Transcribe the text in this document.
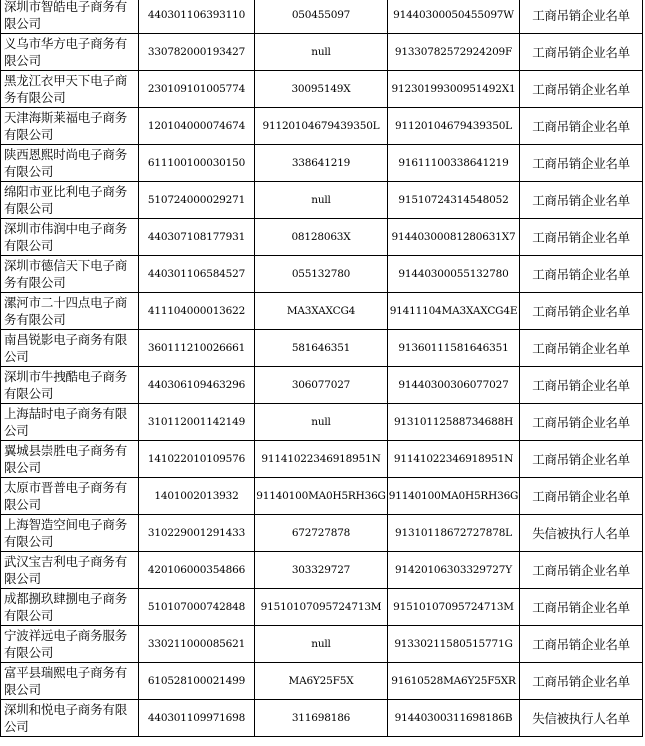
深圳市智皓电子商务有限公司	440301106393110	050455097	91440300050455097W	工商吊销企业名单
义乌市华方电子商务有限公司	330782000193427	null	91330782572924209F	工商吊销企业名单
黑龙江衣甲天下电子商务有限公司	230109101005774	30095149X	91230199300951492X1	工商吊销企业名单
天津海斯莱福电子商务有限公司	120104000074674	91120104679439350L	91120104679439350L	工商吊销企业名单
陕西恩熙时尚电子商务有限公司	611100100030150	338641219	91611100338641219	工商吊销企业名单
绵阳市亚比利电子商务有限公司	510724000029271	null	91510724314548052	工商吊销企业名单
深圳市伟润中电子商务有限公司	440307108177931	08128063X	91440300081280631X7	工商吊销企业名单
深圳市德信天下电子商务有限公司	440301106584527	055132780	91440300055132780	工商吊销企业名单
漯河市二十四点电子商务有限公司	411104000013622	MA3XAXCG4	91411104MA3XAXCG4E	工商吊销企业名单
南昌锐影电子商务有限公司	360111210026661	581646351	91360111581646351	工商吊销企业名单
深圳市牛拽酷电子商务有限公司	440306109463296	306077027	91440300306077027	工商吊销企业名单
上海喆时电子商务有限公司	310112001142149	null	91310112588734688H	工商吊销企业名单
翼城县崇胜电子商务有限公司	141022010109576	91141022346918951N	91141022346918951N	工商吊销企业名单
太原市晋普电子商务有限公司	1401002013932	91140100MA0H5RH36G	91140100MA0H5RH36G	工商吊销企业名单
上海智造空间电子商务有限公司	310229001291433	672727878	91310118672727878L	失信被执行人名单
武汉宝吉利电子商务有限公司	420106000354866	303329727	91420106303329727Y	工商吊销企业名单
成都捌玖肆捌电子商务有限公司	510107000742848	91510107095724713M	91510107095724713M	工商吊销企业名单
宁波祥远电子商务服务有限公司	330211000085621	null	91330211580515771G	工商吊销企业名单
富平县瑞熙电子商务有限公司	610528100021499	MA6Y25F5X	91610528MA6Y25F5XR	工商吊销企业名单
深圳和悦电子商务有限公司	440301109971698	311698186	91440300311698186B	失信被执行人名单
